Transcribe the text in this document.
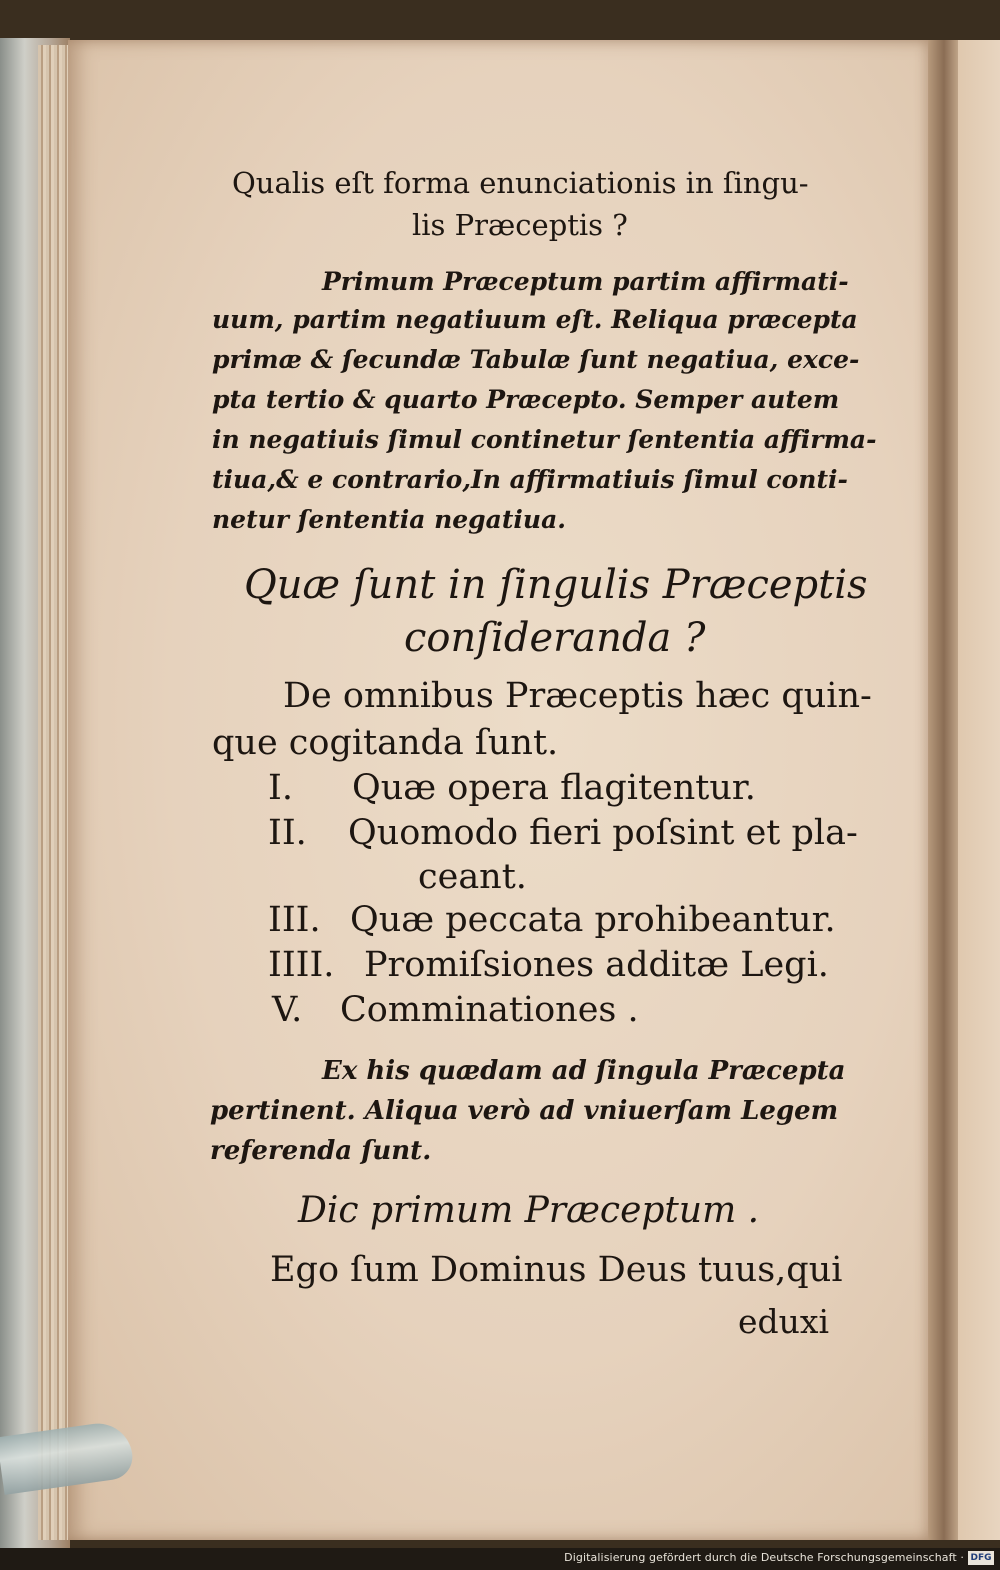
Qualis eſt forma enunciationis in ſingu-
lis Præceptis ?
Primum Præceptum partim affirmati-
uum, partim negatiuum eſt. Reliqua præcepta
primæ & ſecundæ Tabulæ ſunt negatiua, exce-
pta tertio & quarto Præcepto. Semper autem
in negatiuis ſimul continetur ſententia affirma-
tiua,& e contrario,In affirmatiuis ſimul conti-
netur ſententia negatiua.
Quæ ſunt in ſingulis Præceptis
conſideranda ?
De omnibus Præceptis hæc quin-
que cogitanda ſunt.
I. Quæ opera flagitentur.
II. Quomodo fieri poſsint et pla-
ceant.
III. Quæ peccata prohibeantur.
IIII. Promiſsiones additæ Legi.
V. Comminationes .
Ex his quædam ad ſingula Præcepta
pertinent. Aliqua verò ad vniuerſam Legem
referenda ſunt.
Dic primum Præceptum .
Ego ſum Dominus Deus tuus,qui
eduxi
Digitalisierung gefördert durch die Deutsche Forschungsgemeinschaft · DFG
